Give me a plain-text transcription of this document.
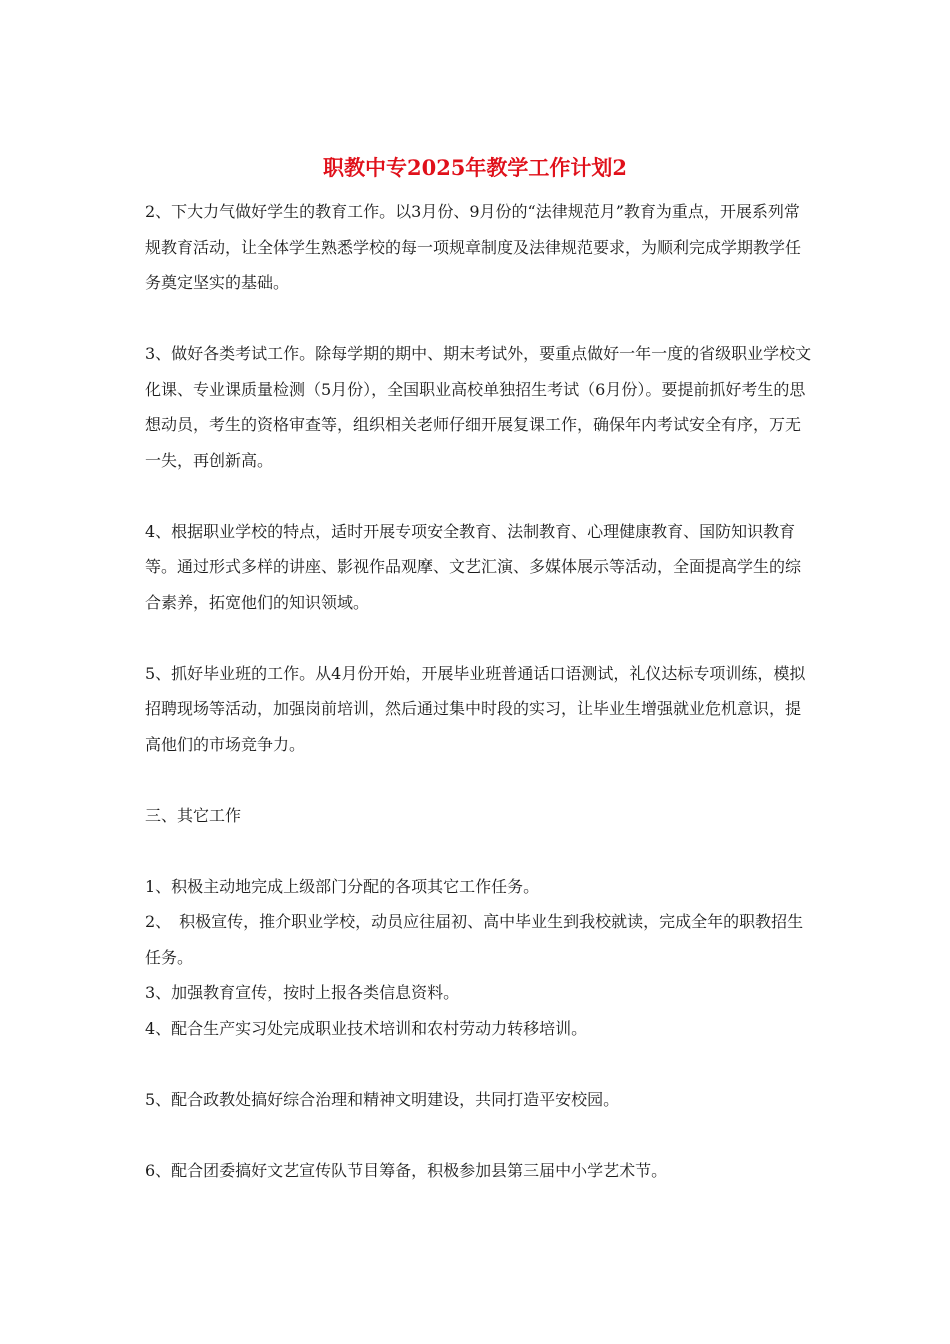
职教中专2025年教学工作计划2

2、下大力气做好学生的教育工作。以3月份、9月份的“法律规范月”教育为重点，开展系列常规教育活动，让全体学生熟悉学校的每一项规章制度及法律规范要求，为顺利完成学期教学任务奠定坚实的基础。

3、做好各类考试工作。除每学期的期中、期末考试外，要重点做好一年一度的省级职业学校文化课、专业课质量检测（5月份），全国职业高校单独招生考试（6月份）。要提前抓好考生的思想动员，考生的资格审查等，组织相关老师仔细开展复课工作，确保年内考试安全有序，万无一失，再创新高。

4、根据职业学校的特点，适时开展专项安全教育、法制教育、心理健康教育、国防知识教育等。通过形式多样的讲座、影视作品观摩、文艺汇演、多媒体展示等活动，全面提高学生的综合素养，拓宽他们的知识领域。

5、抓好毕业班的工作。从4月份开始，开展毕业班普通话口语测试，礼仪达标专项训练，模拟招聘现场等活动，加强岗前培训，然后通过集中时段的实习，让毕业生增强就业危机意识，提高他们的市场竞争力。

三、其它工作

1、积极主动地完成上级部门分配的各项其它工作任务。

2、　积极宣传，推介职业学校，动员应往届初、高中毕业生到我校就读，完成全年的职教招生任务。

3、加强教育宣传，按时上报各类信息资料。

4、配合生产实习处完成职业技术培训和农村劳动力转移培训。

5、配合政教处搞好综合治理和精神文明建设，共同打造平安校园。

6、配合团委搞好文艺宣传队节目筹备，积极参加县第三届中小学艺术节。
